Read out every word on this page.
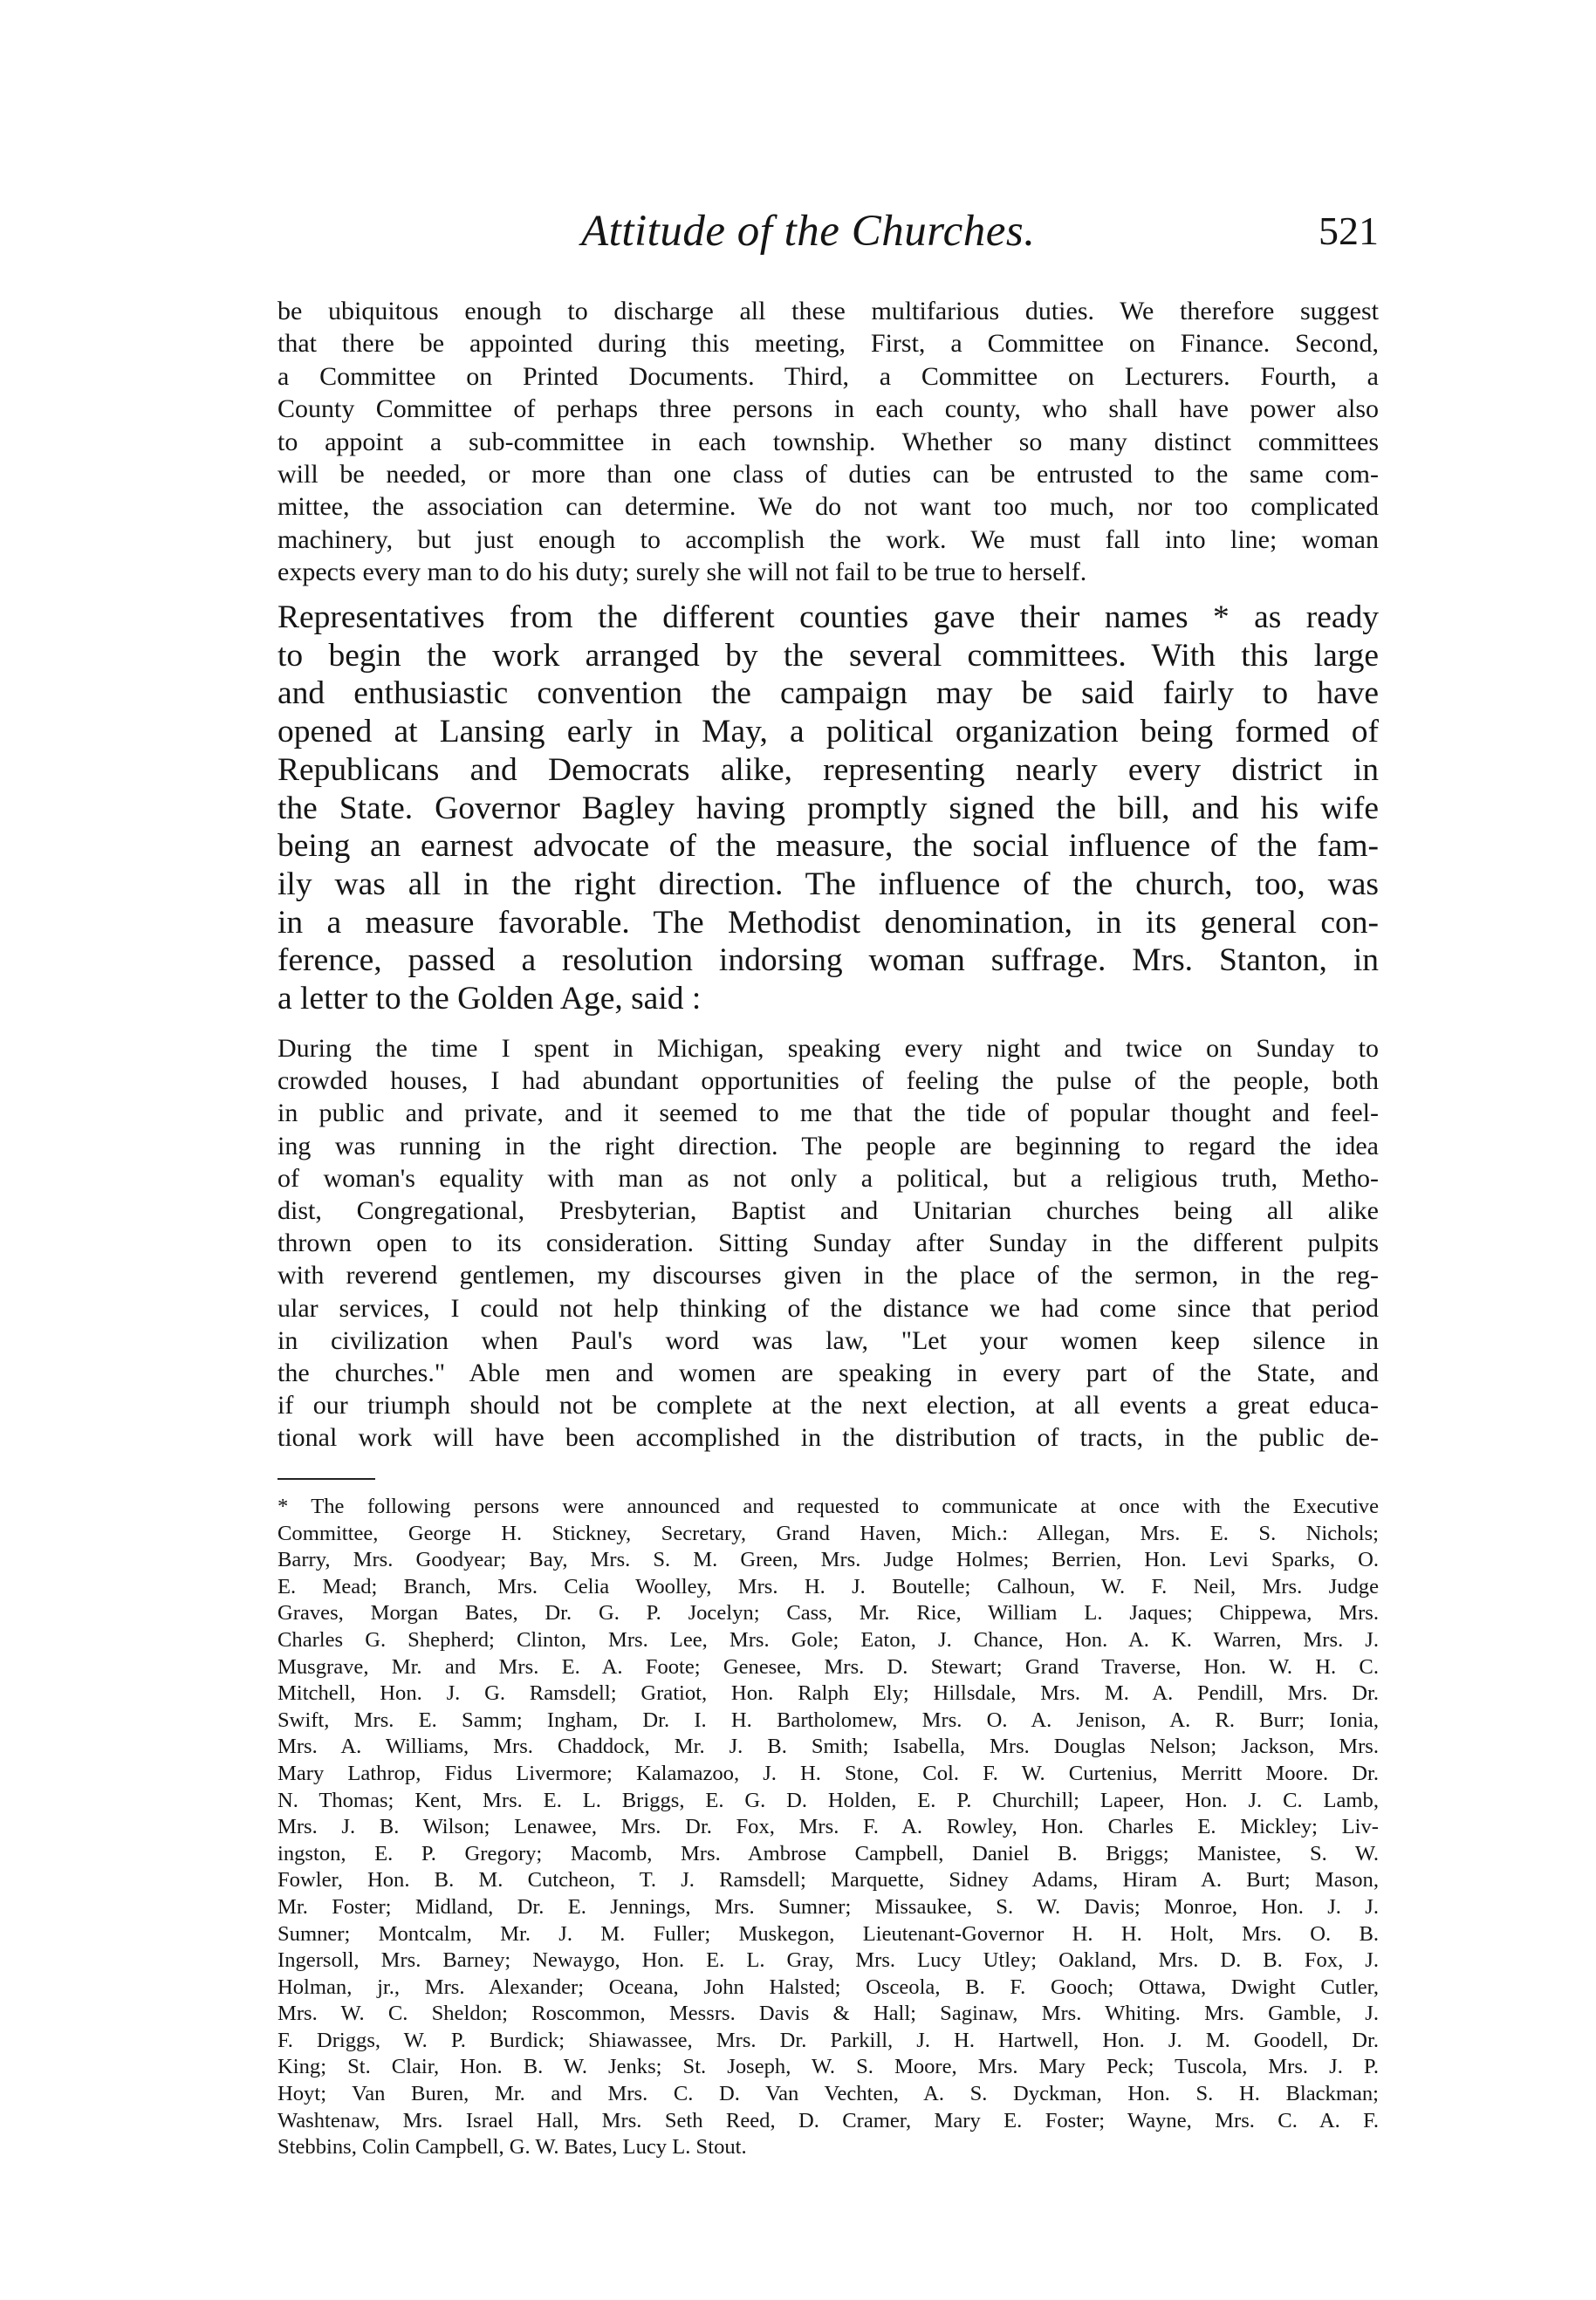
Attitude of the Churches.	521
be ubiquitous enough to discharge all these multifarious duties. We therefore suggest
that there be appointed during this meeting, First, a Committee on Finance. Second,
a Committee on Printed Documents. Third, a Committee on Lecturers. Fourth, a
County Committee of perhaps three persons in each county, who shall have power also
to appoint a sub-committee in each township. Whether so many distinct committees
will be needed, or more than one class of duties can be entrusted to the same com-
mittee, the association can determine. We do not want too much, nor too complicated
machinery, but just enough to accomplish the work. We must fall into line; woman
expects every man to do his duty; surely she will not fail to be true to herself.
Representatives from the different counties gave their names * as ready
to begin the work arranged by the several committees. With this large
and enthusiastic convention the campaign may be said fairly to have
opened at Lansing early in May, a political organization being formed of
Republicans and Democrats alike, representing nearly every district in
the State. Governor Bagley having promptly signed the bill, and his wife
being an earnest advocate of the measure, the social influence of the fam-
ily was all in the right direction. The influence of the church, too, was
in a measure favorable. The Methodist denomination, in its general con-
ference, passed a resolution indorsing woman suffrage. Mrs. Stanton, in
a letter to the Golden Age, said :
During the time I spent in Michigan, speaking every night and twice on Sunday to
crowded houses, I had abundant opportunities of feeling the pulse of the people, both
in public and private, and it seemed to me that the tide of popular thought and feel-
ing was running in the right direction. The people are beginning to regard the idea
of woman's equality with man as not only a political, but a religious truth, Metho-
dist, Congregational, Presbyterian, Baptist and Unitarian churches being all alike
thrown open to its consideration. Sitting Sunday after Sunday in the different pulpits
with reverend gentlemen, my discourses given in the place of the sermon, in the reg-
ular services, I could not help thinking of the distance we had come since that period
in civilization when Paul's word was law, "Let your women keep silence in
the churches." Able men and women are speaking in every part of the State, and
if our triumph should not be complete at the next election, at all events a great educa-
tional work will have been accomplished in the distribution of tracts, in the public de-
* The following persons were announced and requested to communicate at once with the Executive
Committee, George H. Stickney, Secretary, Grand Haven, Mich.: Allegan, Mrs. E. S. Nichols;
Barry, Mrs. Goodyear; Bay, Mrs. S. M. Green, Mrs. Judge Holmes; Berrien, Hon. Levi Sparks, O.
E. Mead; Branch, Mrs. Celia Woolley, Mrs. H. J. Boutelle; Calhoun, W. F. Neil, Mrs. Judge
Graves, Morgan Bates, Dr. G. P. Jocelyn; Cass, Mr. Rice, William L. Jaques; Chippewa, Mrs.
Charles G. Shepherd; Clinton, Mrs. Lee, Mrs. Gole; Eaton, J. Chance, Hon. A. K. Warren, Mrs. J.
Musgrave, Mr. and Mrs. E. A. Foote; Genesee, Mrs. D. Stewart; Grand Traverse, Hon. W. H. C.
Mitchell, Hon. J. G. Ramsdell; Gratiot, Hon. Ralph Ely; Hillsdale, Mrs. M. A. Pendill, Mrs. Dr.
Swift, Mrs. E. Samm; Ingham, Dr. I. H. Bartholomew, Mrs. O. A. Jenison, A. R. Burr; Ionia,
Mrs. A. Williams, Mrs. Chaddock, Mr. J. B. Smith; Isabella, Mrs. Douglas Nelson; Jackson, Mrs.
Mary Lathrop, Fidus Livermore; Kalamazoo, J. H. Stone, Col. F. W. Curtenius, Merritt Moore. Dr.
N. Thomas; Kent, Mrs. E. L. Briggs, E. G. D. Holden, E. P. Churchill; Lapeer, Hon. J. C. Lamb,
Mrs. J. B. Wilson; Lenawee, Mrs. Dr. Fox, Mrs. F. A. Rowley, Hon. Charles E. Mickley; Liv-
ingston, E. P. Gregory; Macomb, Mrs. Ambrose Campbell, Daniel B. Briggs; Manistee, S. W.
Fowler, Hon. B. M. Cutcheon, T. J. Ramsdell; Marquette, Sidney Adams, Hiram A. Burt; Mason,
Mr. Foster; Midland, Dr. E. Jennings, Mrs. Sumner; Missaukee, S. W. Davis; Monroe, Hon. J. J.
Sumner; Montcalm, Mr. J. M. Fuller; Muskegon, Lieutenant-Governor H. H. Holt, Mrs. O. B.
Ingersoll, Mrs. Barney; Newaygo, Hon. E. L. Gray, Mrs. Lucy Utley; Oakland, Mrs. D. B. Fox, J.
Holman, jr., Mrs. Alexander; Oceana, John Halsted; Osceola, B. F. Gooch; Ottawa, Dwight Cutler,
Mrs. W. C. Sheldon; Roscommon, Messrs. Davis & Hall; Saginaw, Mrs. Whiting. Mrs. Gamble, J.
F. Driggs, W. P. Burdick; Shiawassee, Mrs. Dr. Parkill, J. H. Hartwell, Hon. J. M. Goodell, Dr.
King; St. Clair, Hon. B. W. Jenks; St. Joseph, W. S. Moore, Mrs. Mary Peck; Tuscola, Mrs. J. P.
Hoyt; Van Buren, Mr. and Mrs. C. D. Van Vechten, A. S. Dyckman, Hon. S. H. Blackman;
Washtenaw, Mrs. Israel Hall, Mrs. Seth Reed, D. Cramer, Mary E. Foster; Wayne, Mrs. C. A. F.
Stebbins, Colin Campbell, G. W. Bates, Lucy L. Stout.
